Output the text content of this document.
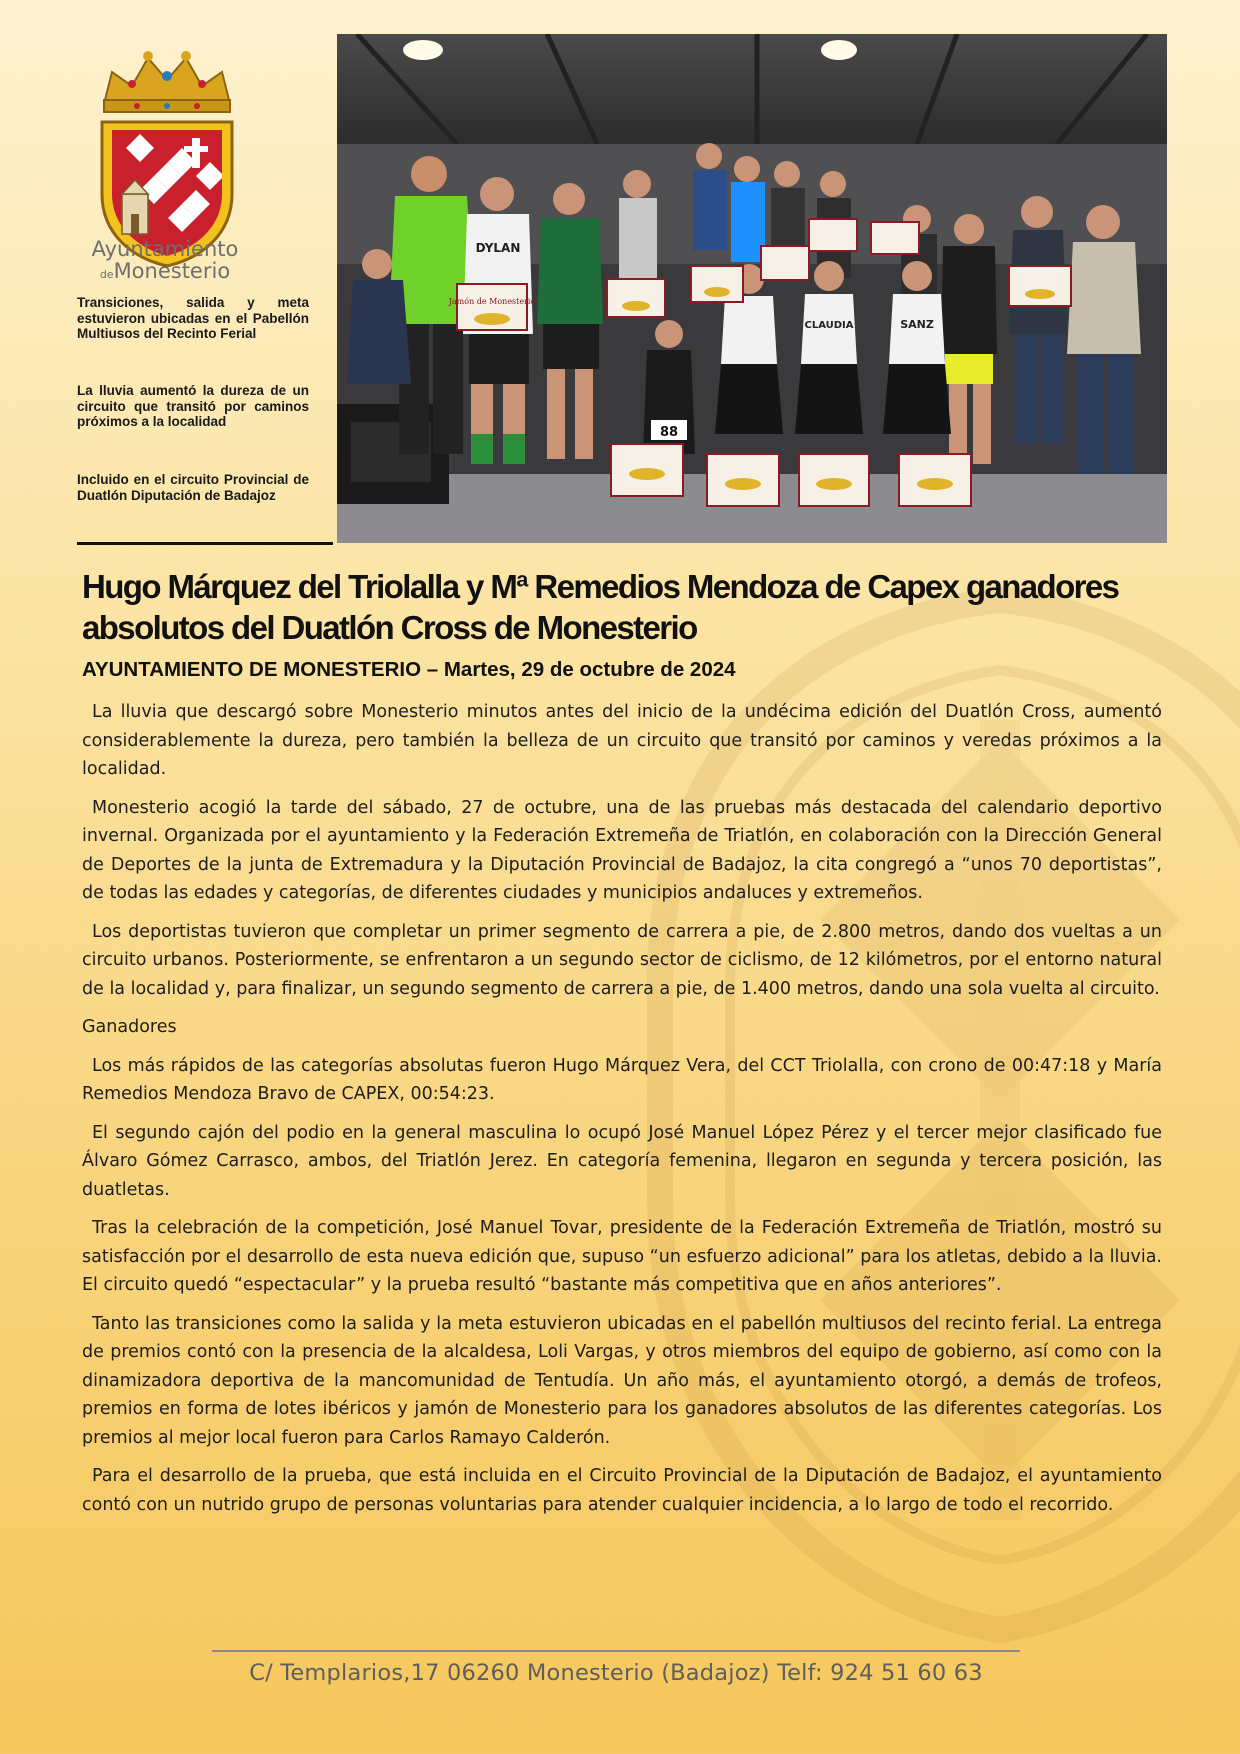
Ayuntamiento
deMonesterio

Transiciones, salida y meta estuvieron ubicadas en el Pabellón Multiusos del Recinto Ferial

La lluvia aumentó la dureza de un circuito que transitó por caminos próximos a la localidad

Incluido en el circuito Provincial de Duatlón Diputación de Badajoz

DYLAN
CLAUDIA	SANZ
88
Jamón de Monesterio
Hugo Márquez del Triolalla y Mª Remedios Mendoza de Capex ganadores absolutos del Duatlón Cross de Monesterio
AYUNTAMIENTO DE MONESTERIO – Martes, 29 de octubre de 2024

La lluvia que descargó sobre Monesterio minutos antes del inicio de la undécima edición del Duatlón Cross, aumentó considerablemente la dureza, pero también la belleza de un circuito que transitó por caminos y veredas próximos a la localidad.

Monesterio acogió la tarde del sábado, 27 de octubre, una de las pruebas más destacada del calendario deportivo invernal. Organizada por el ayuntamiento y la Federación Extremeña de Triatlón, en colaboración con la Dirección General de Deportes de la junta de Extremadura y la Diputación Provincial de Badajoz, la cita congregó a “unos 70 deportistas”, de todas las edades y categorías, de diferentes ciudades y municipios andaluces y extremeños.

Los deportistas tuvieron que completar un primer segmento de carrera a pie, de 2.800 metros, dando dos vueltas a un circuito urbanos. Posteriormente, se enfrentaron a un segundo sector de ciclismo, de 12 kilómetros, por el entorno natural de la localidad y, para finalizar, un segundo segmento de carrera a pie, de 1.400 metros, dando una sola vuelta al circuito.

Ganadores

Los más rápidos de las categorías absolutas fueron Hugo Márquez Vera, del CCT Triolalla, con crono de 00:47:18 y María Remedios Mendoza Bravo de CAPEX, 00:54:23.

El segundo cajón del podio en la general masculina lo ocupó José Manuel López Pérez y el tercer mejor clasificado fue Álvaro Gómez Carrasco, ambos, del Triatlón Jerez. En categoría femenina, llegaron en segunda y tercera posición, las duatletas.

Tras la celebración de la competición, José Manuel Tovar, presidente de la Federación Extremeña de Triatlón, mostró su satisfacción por el desarrollo de esta nueva edición que, supuso “un esfuerzo adicional” para los atletas, debido a la lluvia. El circuito quedó “espectacular” y la prueba resultó “bastante más competitiva que en años anteriores”.

Tanto las transiciones como la salida y la meta estuvieron ubicadas en el pabellón multiusos del recinto ferial. La entrega de premios contó con la presencia de la alcaldesa, Loli Vargas, y otros miembros del equipo de gobierno, así como con la dinamizadora deportiva de la mancomunidad de Tentudía. Un año más, el ayuntamiento otorgó, a demás de trofeos, premios en forma de lotes ibéricos y jamón de Monesterio para los ganadores absolutos de las diferentes categorías. Los premios al mejor local fueron para Carlos Ramayo Calderón.

Para el desarrollo de la prueba, que está incluida en el Circuito Provincial de la Diputación de Badajoz, el ayuntamiento contó con un nutrido grupo de personas voluntarias para atender cualquier incidencia, a lo largo de todo el recorrido.

C/ Templarios,17 06260 Monesterio (Badajoz) Telf: 924 51 60 63
